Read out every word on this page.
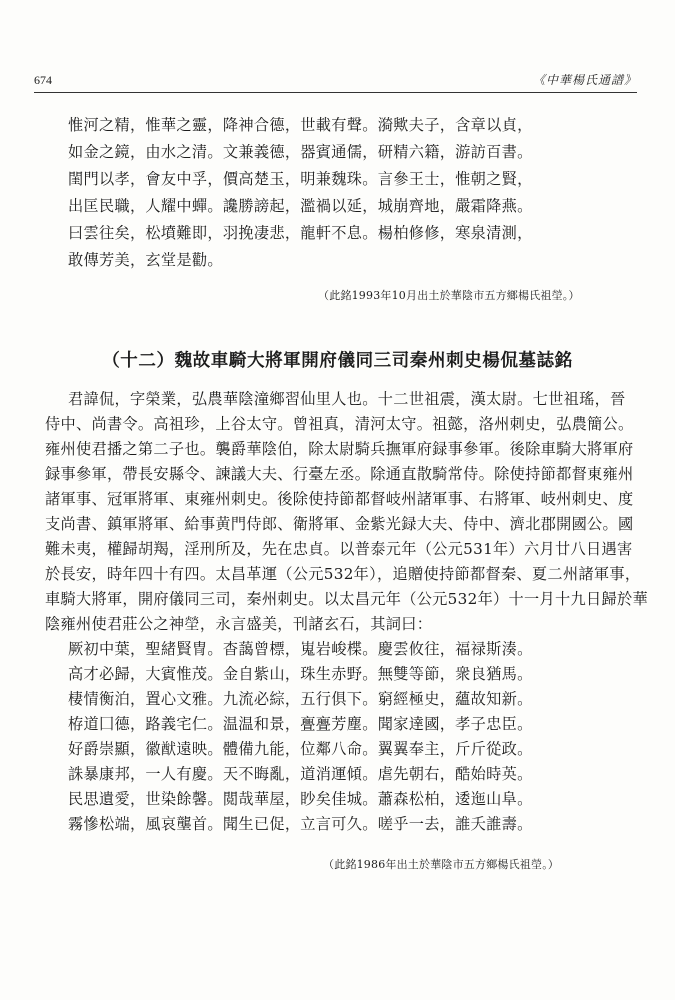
674	《中華楊氏通譜》
惟河之精，惟華之靈，降神合德，世載有聲。漪歟夫子，含章以貞，
如金之鏡，由水之清。文兼義德，器賓通儒，研精六籍，游訪百書。
閨門以孝，會友中孚，價高楚玉，明兼魏珠。言參王士，惟朝之賢，
出匡民職，人耀中蟬。讒勝謗起，濫禍以延，城崩齊地，嚴霜降燕。
曰雲往矣，松墳難即，羽挽凄悲，龍軒不息。楊柏修修，寒泉清測，
敢傳芳美，玄堂是勸。
（此銘1993年10月出土於華陰市五方鄉楊氏祖塋。）
（十二）魏故車騎大將軍開府儀同三司秦州刺史楊侃墓誌銘
君諱侃，字榮業，弘農華陰潼鄉習仙里人也。十二世祖震，漢太尉。七世祖瑤，晉
侍中、尚書令。高祖珍，上谷太守。曾祖真，清河太守。祖懿，洛州刺史，弘農簡公。
雍州使君播之第二子也。襲爵華陰伯，除太尉騎兵撫軍府録事參軍。後除車騎大將軍府
録事參軍，帶長安縣令、諫議大夫、行臺左丞。除通直散騎常侍。除使持節都督東雍州
諸軍事、冠軍將軍、東雍州刺史。後除使持節都督岐州諸軍事、右將軍、岐州刺史、度
支尚書、鎮軍將軍、給事黄門侍郎、衛將軍、金紫光録大夫、侍中、濟北郡開國公。國
難未夷，權歸胡羯，淫刑所及，先在忠貞。以普泰元年（公元531年）六月廿八日遇害
於長安，時年四十有四。太昌革運（公元532年），追贈使持節都督秦、夏二州諸軍事，
車騎大將軍，開府儀同三司，秦州刺史。以太昌元年（公元532年）十一月十九日歸於華
陰雍州使君莊公之神塋，永言盛美，刊諸玄石，其詞曰：
厥初中葉，聖緒賢冑。杳藹曾標，嵬岩峻楪。慶雲攸往，福禄斯湊。
高才必歸，大賓惟茂。金自紫山，珠生赤野。無雙等節，衆良猶馬。
棲情衡泊，置心文雅。九流必綜，五行俱下。窮經極史，蘊故知新。
栫道囗德，路義宅仁。温温和景，亹亹芳塵。聞家達國，孝子忠臣。
好爵崇顯，徽猷遠映。體備九能，位鄰八命。翼翼奉主，斤斤從政。
誅暴康邦，一人有慶。天不晦亂，道消運傾。虐先朝右，酷始時英。
民思遺愛，世染餘馨。閲哉華屋，眇矣佳城。蕭森松柏，逶迤山阜。
霧慘松端，風哀壟首。聞生已促，立言可久。嗟乎一去，誰夭誰壽。
（此銘1986年出土於華陰市五方鄉楊氏祖塋。）
